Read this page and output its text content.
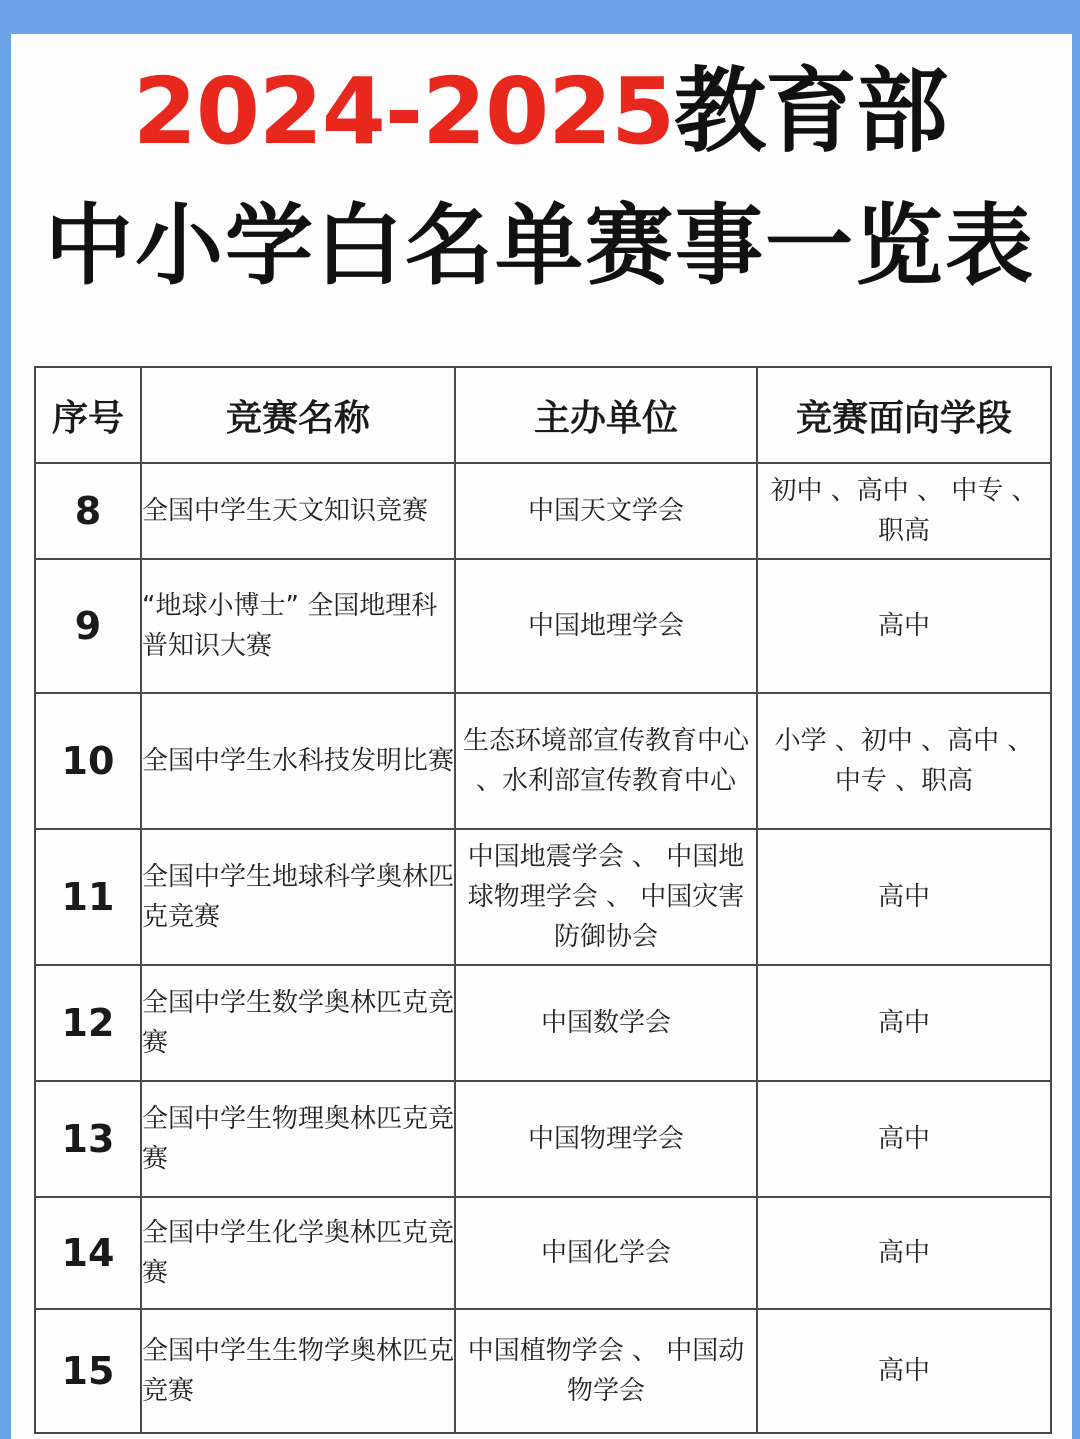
2024-2025教育部
中小学白名单赛事一览表
序号	竞赛名称	主办单位	竞赛面向学段
8	全国中学生天文知识竞赛	中国天文学会	初中 、高中 、 中专 、职高
9	“地球小博士” 全国地理科普知识大赛	中国地理学会	高中
10	全国中学生水科技发明比赛	生态环境部宣传教育中心 、水利部宣传教育中心	小学 、初中 、高中 、 中专 、职高
11	全国中学生地球科学奥林匹克竞赛	中国地震学会 、 中国地球物理学会 、 中国灾害防御协会	高中
12	全国中学生数学奥林匹克竞赛	中国数学会	高中
13	全国中学生物理奥林匹克竞赛	中国物理学会	高中
14	全国中学生化学奥林匹克竞赛	中国化学会	高中
15	全国中学生生物学奥林匹克竞赛	中国植物学会 、 中国动物学会	高中
